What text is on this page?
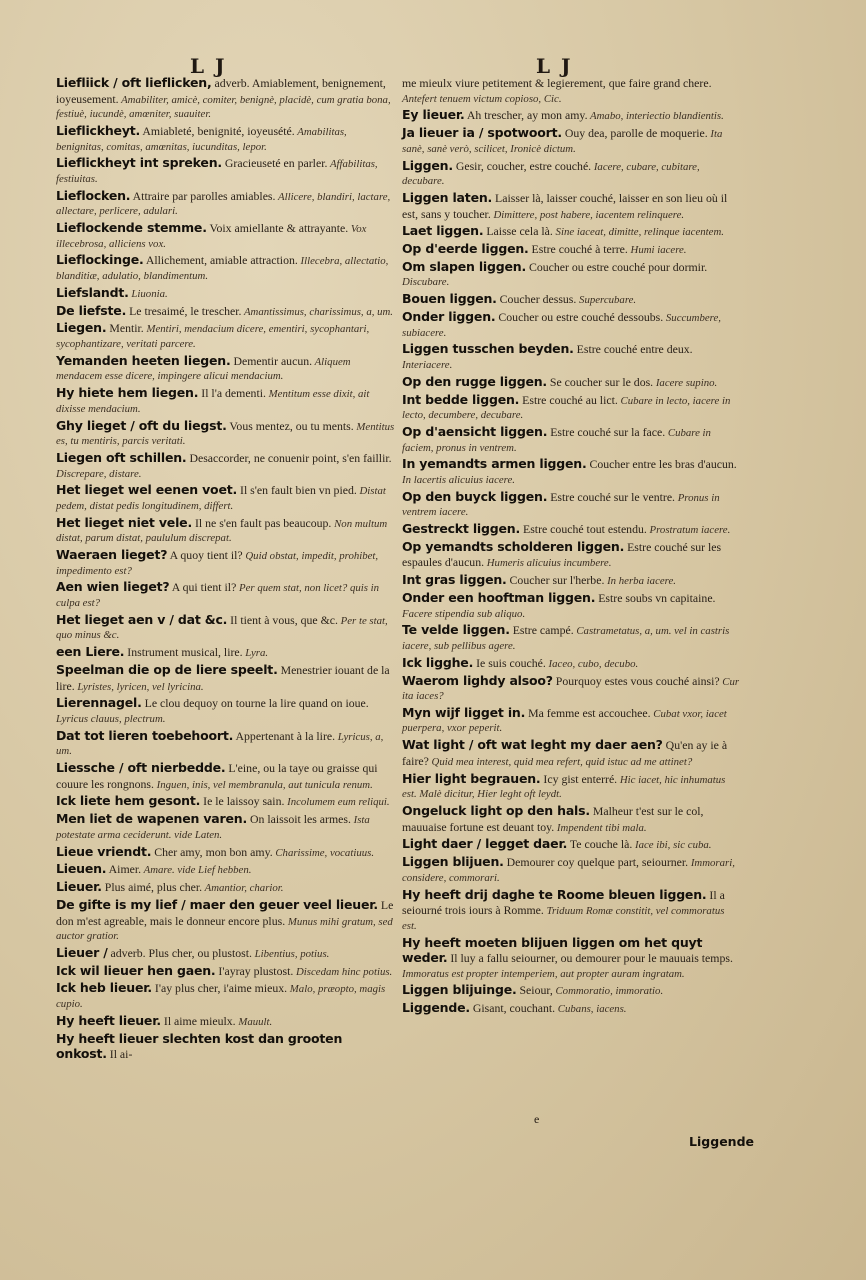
L J	L J

Liefliick / oft lieflicken, adverb. Amiablement, benignement, ioyeusement. Amabiliter, amicè, comiter, benignè, placidè, cum gratia bona, festiuè, iucundè, amœniter, suauiter.

Lieflickheyt. Amiableté, benignité, ioyeusété. Amabilitas, benignitas, comitas, amœnitas, iucunditas, lepor.

Lieflickheyt int spreken. Gracieuseté en parler. Affabilitas, festiuitas.

Lieflocken. Attraire par parolles amiables. Allicere, blandiri, lactare, allectare, perlicere, adulari.

Lieflockende stemme. Voix amiellante & attrayante. Vox illecebrosa, alliciens vox.

Lieflockinge. Allichement, amiable attraction. Illecebra, allectatio, blanditiæ, adulatio, blandimentum.

Liefslandt. Liuonia.

De liefste. Le tresaimé, le trescher. Amantissimus, charissimus, a, um.

Liegen. Mentir. Mentiri, mendacium dicere, ementiri, sycophantari, sycophantizare, veritati parcere.

Yemanden heeten liegen. Dementir aucun. Aliquem mendacem esse dicere, impingere alicui mendacium.

Hy hiete hem liegen. Il l'a dementi. Mentitum esse dixit, ait dixisse mendacium.

Ghy lieget / oft du liegst. Vous mentez, ou tu ments. Mentitus es, tu mentiris, parcis veritati.

Liegen oft schillen. Desaccorder, ne conuenir point, s'en faillir. Discrepare, distare.

Het lieget wel eenen voet. Il s'en fault bien vn pied. Distat pedem, distat pedis longitudinem, differt.

Het lieget niet vele. Il ne s'en fault pas beaucoup. Non multum distat, parum distat, paululum discrepat.

Waeraen lieget? A quoy tient il? Quid obstat, impedit, prohibet, impedimento est?

Aen wien lieget? A qui tient il? Per quem stat, non licet? quis in culpa est?

Het lieget aen v / dat &c. Il tient à vous, que &c. Per te stat, quo minus &c.

een Liere. Instrument musical, lire. Lyra.

Speelman die op de liere speelt. Menestrier iouant de la lire. Lyristes, lyricen, vel lyricina.

Lierennagel. Le clou dequoy on tourne la lire quand on ioue. Lyricus clauus, plectrum.

Dat tot lieren toebehoort. Appertenant à la lire. Lyricus, a, um.

Liessche / oft nierbedde. L'eine, ou la taye ou graisse qui couure les rongnons. Inguen, inis, vel membranula, aut tunicula renum.

Ick liete hem gesont. Ie le laissoy sain. Incolumem eum reliqui.

Men liet de wapenen varen. On laissoit les armes. Ista potestate arma ceciderunt. vide Laten.

Lieue vriendt. Cher amy, mon bon amy. Charissime, vocatiuus.

Lieuen. Aimer. Amare. vide Lief hebben.

Lieuer. Plus aimé, plus cher. Amantior, charior.

De gifte is my lief / maer den geuer veel lieuer. Le don m'est agreable, mais le donneur encore plus. Munus mihi gratum, sed auctor gratior.

Lieuer / adverb. Plus cher, ou plustost. Libentius, potius.

Ick wil lieuer hen gaen. I'ayray plustost. Discedam hinc potius.

Ick heb lieuer. I'ay plus cher, i'aime mieux. Malo, præopto, magis cupio.

Hy heeft lieuer. Il aime mieulx. Mauult.

Hy heeft lieuer slechten kost dan grooten onkost. Il ai-

me mieulx viure petitement & legierement, que faire grand chere. Antefert tenuem victum copioso, Cic.

Ey lieuer. Ah trescher, ay mon amy. Amabo, interiectio blandientis.

Ja lieuer ia / spotwoort. Ouy dea, parolle de moquerie. Ita sanè, sanè verò, scilicet, Ironicè dictum.

Liggen. Gesir, coucher, estre couché. Iacere, cubare, cubitare, decubare.

Liggen laten. Laisser là, laisser couché, laisser en son lieu où il est, sans y toucher. Dimittere, post habere, iacentem relinquere.

Laet liggen. Laisse cela là. Sine iaceat, dimitte, relinque iacentem.

Op d'eerde liggen. Estre couché à terre. Humi iacere.

Om slapen liggen. Coucher ou estre couché pour dormir. Discubare.

Bouen liggen. Coucher dessus. Supercubare.

Onder liggen. Coucher ou estre couché dessoubs. Succumbere, subiacere.

Liggen tusschen beyden. Estre couché entre deux. Interiacere.

Op den rugge liggen. Se coucher sur le dos. Iacere supino.

Int bedde liggen. Estre couché au lict. Cubare in lecto, iacere in lecto, decumbere, decubare.

Op d'aensicht liggen. Estre couché sur la face. Cubare in faciem, pronus in ventrem.

In yemandts armen liggen. Coucher entre les bras d'aucun. In lacertis alicuius iacere.

Op den buyck liggen. Estre couché sur le ventre. Pronus in ventrem iacere.

Gestreckt liggen. Estre couché tout estendu. Prostratum iacere.

Op yemandts scholderen liggen. Estre couché sur les espaules d'aucun. Humeris alicuius incumbere.

Int gras liggen. Coucher sur l'herbe. In herba iacere.

Onder een hooftman liggen. Estre soubs vn capitaine. Facere stipendia sub aliquo.

Te velde liggen. Estre campé. Castrametatus, a, um. vel in castris iacere, sub pellibus agere.

Ick ligghe. Ie suis couché. Iaceo, cubo, decubo.

Waerom lighdy alsoo? Pourquoy estes vous couché ainsi? Cur ita iaces?

Myn wijf ligget in. Ma femme est accouchee. Cubat vxor, iacet puerpera, vxor peperit.

Wat light / oft wat leght my daer aen? Qu'en ay ie à faire? Quid mea interest, quid mea refert, quid istuc ad me attinet?

Hier light begrauen. Icy gist enterré. Hic iacet, hic inhumatus est. Malè dicitur, Hier leght oft leydt.

Ongeluck light op den hals. Malheur t'est sur le col, mauuaise fortune est deuant toy. Impendent tibi mala.

Light daer / legget daer. Te couche là. Iace ibi, sic cuba.

Liggen blijuen. Demourer coy quelque part, seiourner. Immorari, considere, commorari.

Hy heeft drij daghe te Roome bleuen liggen. Il a seiourné trois iours à Romme. Triduum Romæ constitit, vel commoratus est.

Hy heeft moeten blijuen liggen om het quyt weder. Il luy a fallu seiourner, ou demourer pour le mauuais temps. Immoratus est propter intemperiem, aut propter auram ingratam.

Liggen blijuinge. Seiour, Commoratio, immoratio.

Liggende. Gisant, couchant. Cubans, iacens.

e
Liggende
